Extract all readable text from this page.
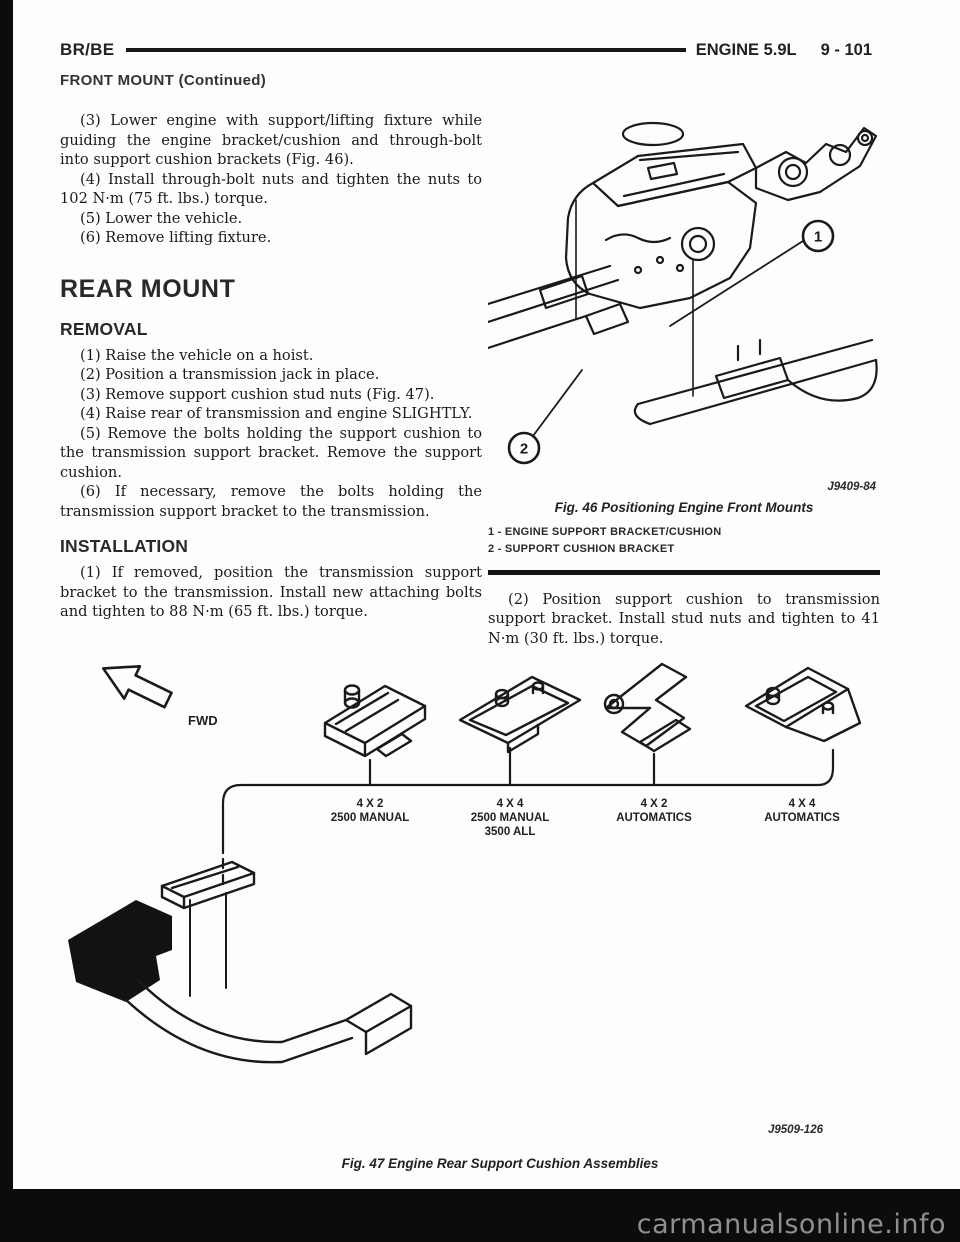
BR/BE	ENGINE 5.9L 9 - 101
FRONT MOUNT (Continued)

(3) Lower engine with support/lifting fixture while guiding the engine bracket/cushion and through-bolt into support cushion brackets (Fig. 46).

(4) Install through-bolt nuts and tighten the nuts to 102 N·m (75 ft. lbs.) torque.

(5) Lower the vehicle.

(6) Remove lifting fixture.

REAR MOUNT
REMOVAL

(1) Raise the vehicle on a hoist.

(2) Position a transmission jack in place.

(3) Remove support cushion stud nuts (Fig. 47).

(4) Raise rear of transmission and engine SLIGHTLY.

(5) Remove the bolts holding the support cushion to the transmission support bracket. Remove the support cushion.

(6) If necessary, remove the bolts holding the transmission support bracket to the transmission.

INSTALLATION

(1) If removed, position the transmission support bracket to the transmission. Install new attaching bolts and tighten to 88 N·m (65 ft. lbs.) torque.

1
2
J9409-84
Fig. 46 Positioning Engine Front Mounts
1 - ENGINE SUPPORT BRACKET/CUSHION
2 - SUPPORT CUSHION BRACKET

(2) Position support cushion to transmission support bracket. Install stud nuts and tighten to 41 N·m (30 ft. lbs.) torque.

FWD
4 X 2
2500 MANUAL
4 X 4
2500 MANUAL
3500 ALL
4 X 2
AUTOMATICS
4 X 4
AUTOMATICS
J9509-126
Fig. 47 Engine Rear Support Cushion Assemblies
carmanualsonline.info
